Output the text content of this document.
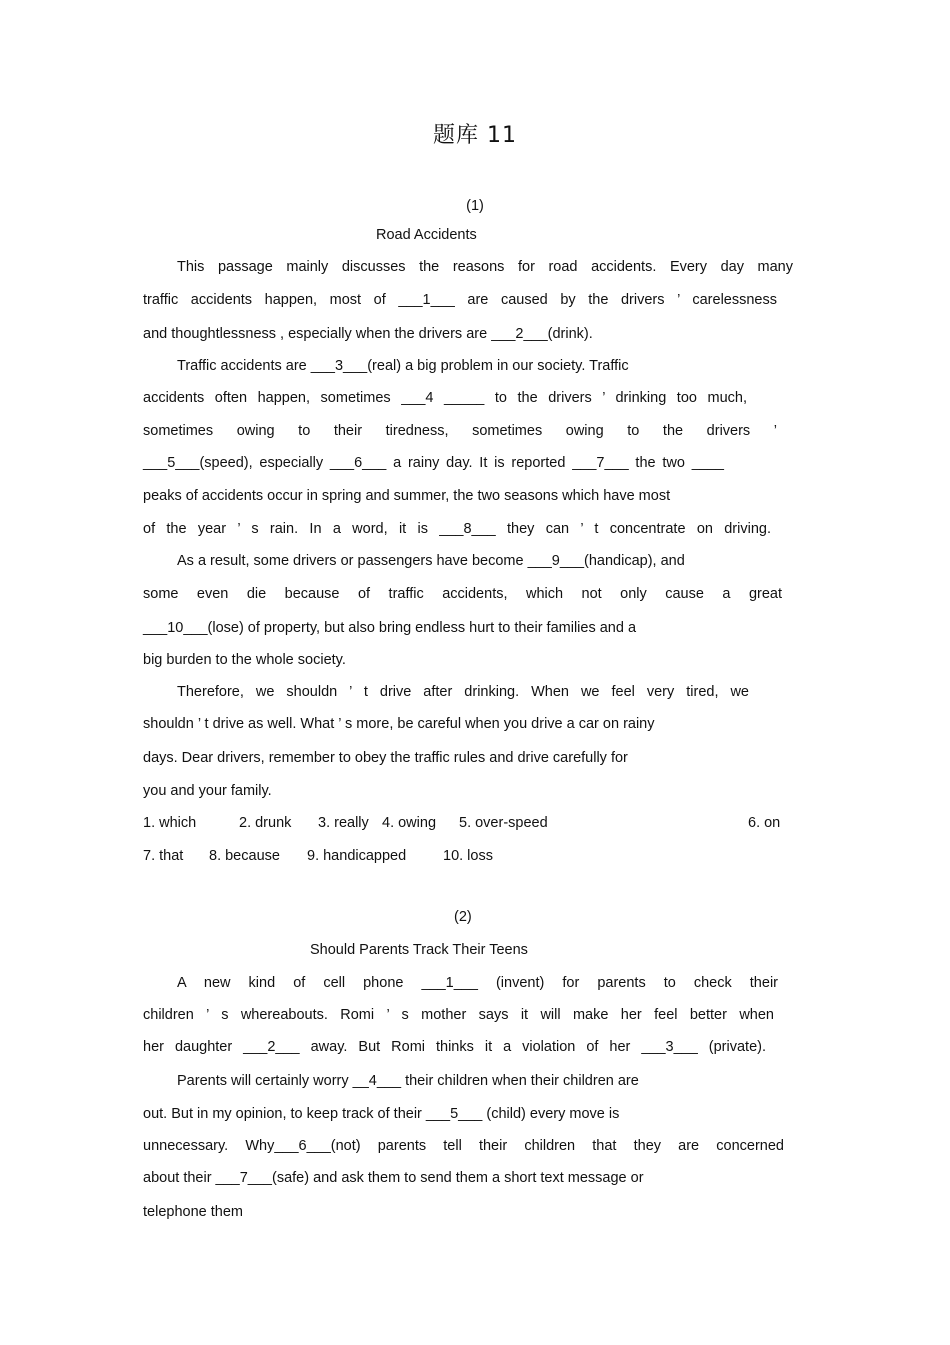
题库 11
(1)
Road Accidents
This passage mainly discusses the reasons for road accidents. Every day many
traffic accidents happen, most of ___1___ are caused by the drivers ’ carelessness
and thoughtlessness , especially when the drivers are ___2___(drink).
Traffic accidents are ___3___(real) a big problem in our society. Traffic
accidents often happen, sometimes ___4 _____ to the drivers ’ drinking too much,
sometimes owing to their tiredness, sometimes owing to the drivers ’
___5___(speed), especially ___6___ a rainy day. It is reported ___7___ the two ____
peaks of accidents occur in spring and summer, the two seasons which have most
of the year ’ s rain. In a word, it is ___8___ they can ’ t concentrate on driving.
As a result, some drivers or passengers have become ___9___(handicap), and
some even die because of traffic accidents, which not only cause a great
___10___(lose) of property, but also bring endless hurt to their families and a
big burden to the whole society.
Therefore, we shouldn ’ t drive after drinking. When we feel very tired, we
shouldn ’ t drive as well. What ’ s more, be careful when you drive a car on rainy
days. Dear drivers, remember to obey the traffic rules and drive carefully for
you and your family.
1. which	2. drunk 3. really 4. owing 5. over-speed	6. on
7. that 8. because 9. handicapped	10. loss
(2)
Should Parents Track Their Teens
A new kind of cell phone ___1___ (invent) for parents to check their
children ’ s whereabouts. Romi ’ s mother says it will make her feel better when
her daughter ___2___ away. But Romi thinks it a violation of her ___3___ (private).
Parents will certainly worry __4___ their children when their children are
out. But in my opinion, to keep track of their ___5___ (child) every move is
unnecessary. Why___6___(not) parents tell their children that they are concerned
about their ___7___(safe) and ask them to send them a short text message or
telephone them
